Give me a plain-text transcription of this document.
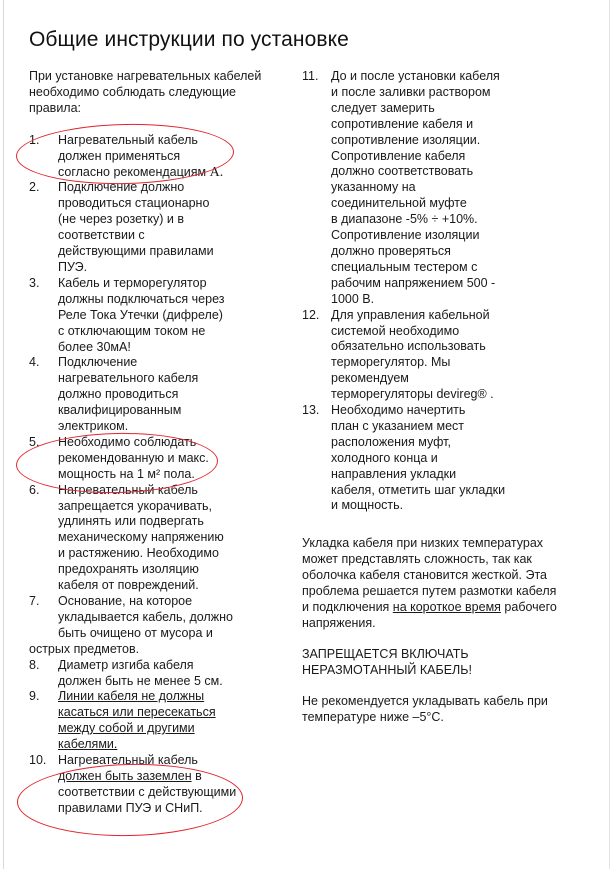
Общие инструкции по установке

При установке нагревательных кабелей необходимо соблюдать следующие правила:

1. Нагревательный кабель
должен применяться
согласно рекомендациям А.
2. Подключение должно
проводиться стационарно
(не через розетку) и в
соответствии с
действующими правилами
ПУЭ.
3. Кабель и терморегулятор
должны подключаться через
Реле Тока Утечки (дифреле)
с отключающим током не
более 30мА!
4. Подключение
нагревательного кабеля
должно проводиться
квалифицированным
электриком.
5. Необходимо соблюдать
рекомендованную и макс.
мощность на 1 м² пола.
6. Нагревательный кабель
запрещается укорачивать,
удлинять или подвергать
механическому напряжению
и растяжению. Необходимо
предохранять изоляцию
кабеля от повреждений.
7. Основание, на которое
укладывается кабель, должно
быть очищено от мусора и
острых предметов.
8. Диаметр изгиба кабеля
должен быть не менее 5 см.
9. Линии кабеля не должны
касаться или пересекаться
между собой и другими
кабелями.
10. Нагревательный кабель
должен быть заземлен в
соответствии с действующими
правилами ПУЭ и СНиП.
11. До и после установки кабеля
и после заливки раствором
следует замерить
сопротивление кабеля и
сопротивление изоляции.
Сопротивление кабеля
должно соответствовать
указанному на
соединительной муфте
в диапазоне -5% ÷ +10%.
Сопротивление изоляции
должно проверяться
специальным тестером с
рабочим напряжением 500 -
1000 В.
12. Для управления кабельной
системой необходимо
обязательно использовать
терморегулятор. Мы
рекомендуем
терморегуляторы devireg® .
13. Необходимо начертить
план с указанием мест
расположения муфт,
холодного конца и
направления укладки
кабеля, отметить шаг укладки
и мощность.

Укладка кабеля при низких температурах
может представлять сложность, так как
оболочка кабеля становится жесткой. Эта
проблема решается путем размотки кабеля
и подключения на короткое время рабочего
напряжения.

ЗАПРЕЩАЕТСЯ ВКЛЮЧАТЬ
НЕРАЗМОТАННЫЙ КАБЕЛЬ!

Не рекомендуется укладывать кабель при
температуре ниже –5°С.
